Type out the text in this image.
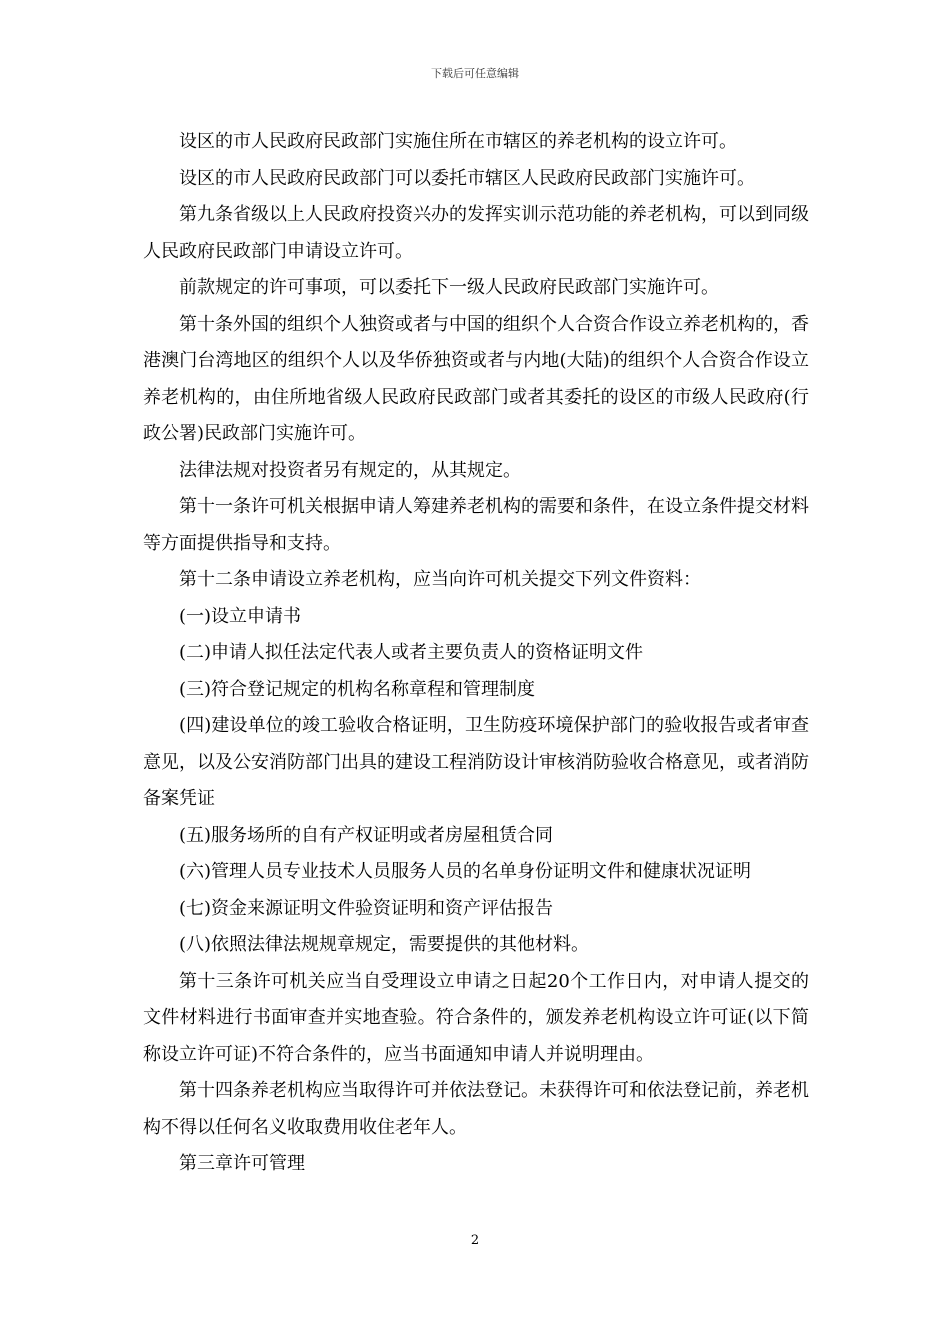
下载后可任意编辑

设区的市人民政府民政部门实施住所在市辖区的养老机构的设立许可。

设区的市人民政府民政部门可以委托市辖区人民政府民政部门实施许可。

第九条省级以上人民政府投资兴办的发挥实训示范功能的养老机构，可以到同级人民政府民政部门申请设立许可。

前款规定的许可事项，可以委托下一级人民政府民政部门实施许可。

第十条外国的组织个人独资或者与中国的组织个人合资合作设立养老机构的，香港澳门台湾地区的组织个人以及华侨独资或者与内地(大陆)的组织个人合资合作设立养老机构的，由住所地省级人民政府民政部门或者其委托的设区的市级人民政府(行政公署)民政部门实施许可。

法律法规对投资者另有规定的，从其规定。

第十一条许可机关根据申请人筹建养老机构的需要和条件，在设立条件提交材料等方面提供指导和支持。

第十二条申请设立养老机构，应当向许可机关提交下列文件资料：

(一)设立申请书

(二)申请人拟任法定代表人或者主要负责人的资格证明文件

(三)符合登记规定的机构名称章程和管理制度

(四)建设单位的竣工验收合格证明，卫生防疫环境保护部门的验收报告或者审查意见，以及公安消防部门出具的建设工程消防设计审核消防验收合格意见，或者消防备案凭证

(五)服务场所的自有产权证明或者房屋租赁合同

(六)管理人员专业技术人员服务人员的名单身份证明文件和健康状况证明

(七)资金来源证明文件验资证明和资产评估报告

(八)依照法律法规规章规定，需要提供的其他材料。

第十三条许可机关应当自受理设立申请之日起20个工作日内，对申请人提交的文件材料进行书面审查并实地查验。符合条件的，颁发养老机构设立许可证(以下简称设立许可证)不符合条件的，应当书面通知申请人并说明理由。

第十四条养老机构应当取得许可并依法登记。未获得许可和依法登记前，养老机构不得以任何名义收取费用收住老年人。

第三章许可管理

2
